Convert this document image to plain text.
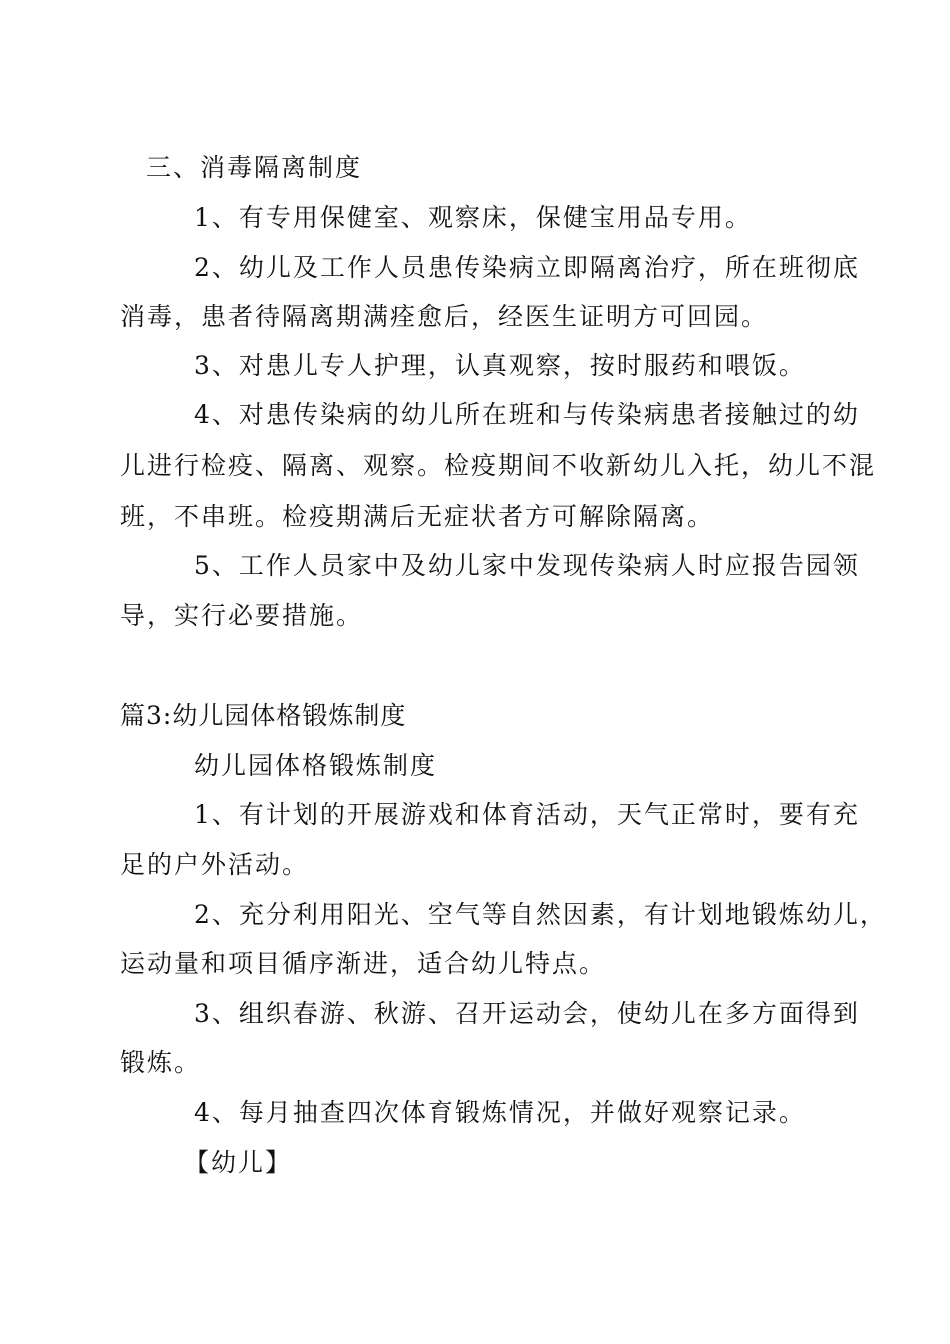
三、消毒隔离制度
1、有专用保健室、观察床，保健宝用品专用。
2、幼儿及工作人员患传染病立即隔离治疗，所在班彻底
消毒，患者待隔离期满痊愈后，经医生证明方可回园。
3、对患儿专人护理，认真观察，按时服药和喂饭。
4、对患传染病的幼儿所在班和与传染病患者接触过的幼
儿进行检疫、隔离、观察。检疫期间不收新幼儿入托，幼儿不混
班，不串班。检疫期满后无症状者方可解除隔离。
5、工作人员家中及幼儿家中发现传染病人时应报告园领
导，实行必要措施。
篇3:幼儿园体格锻炼制度
幼儿园体格锻炼制度
1、有计划的开展游戏和体育活动，天气正常时，要有充
足的户外活动。
2、充分利用阳光、空气等自然因素，有计划地锻炼幼儿，
运动量和项目循序渐进，适合幼儿特点。
3、组织春游、秋游、召开运动会，使幼儿在多方面得到
锻炼。
4、每月抽查四次体育锻炼情况，并做好观察记录。
【幼儿】
